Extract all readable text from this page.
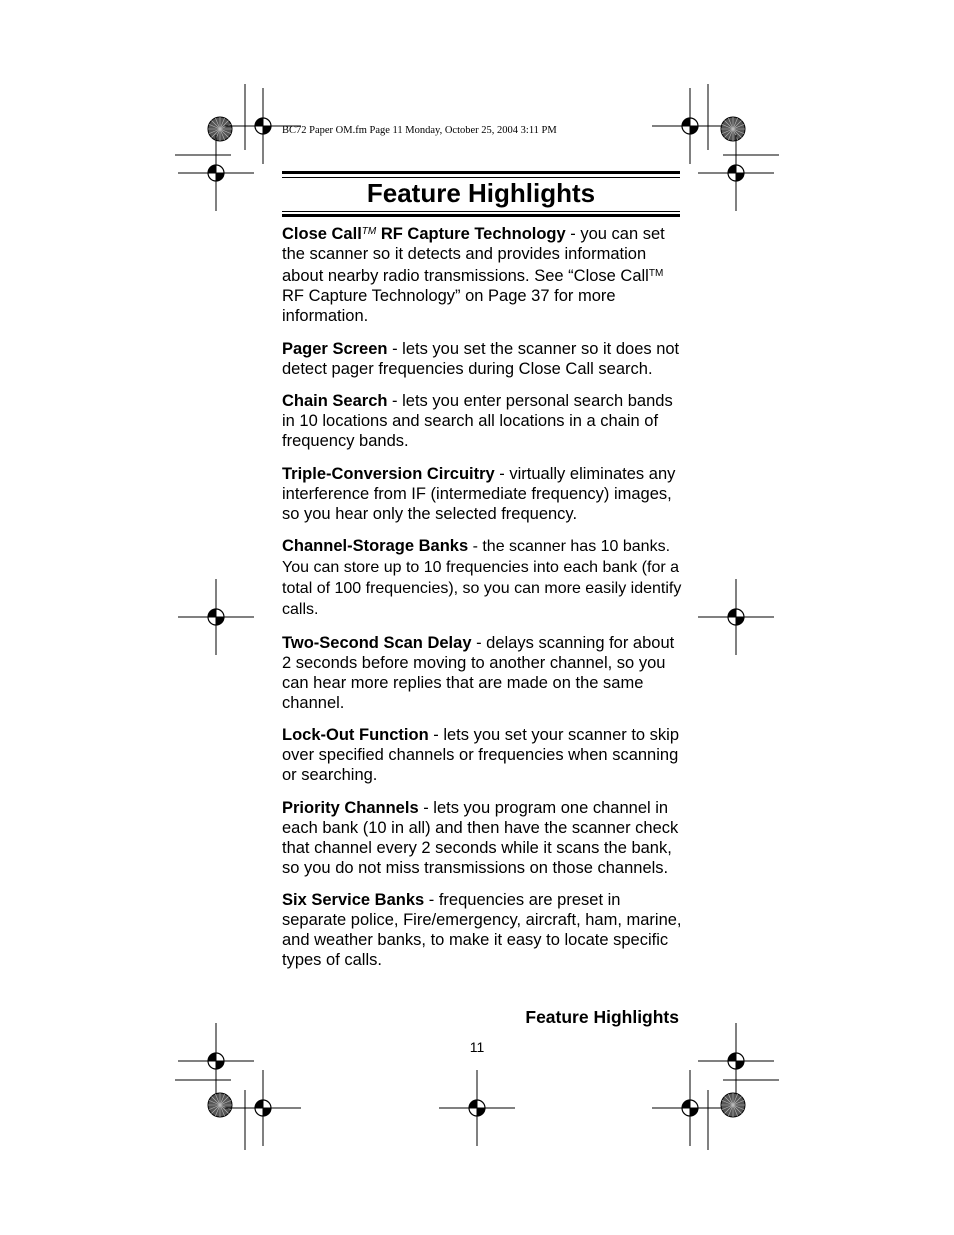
BC72 Paper OM.fm Page 11 Monday, October 25, 2004 3:11 PM
Feature Highlights

Close Call™ RF Capture Technology - you can set the scanner so it detects and provides information about nearby radio transmissions. See “Close Call™ RF Capture Technology” on Page 37 for more information.

Pager Screen - lets you set the scanner so it does not detect pager frequencies during Close Call search.

Chain Search - lets you enter personal search bands in 10 locations and search all locations in a chain of frequency bands.

Triple-Conversion Circuitry - virtually eliminates any interference from IF (intermediate frequency) images, so you hear only the selected frequency.

Channel-Storage Banks - the scanner has 10 banks. You can store up to 10 frequencies into each bank (for a total of 100 frequencies), so you can more easily identify calls.

Two-Second Scan Delay - delays scanning for about 2 seconds before moving to another channel, so you can hear more replies that are made on the same channel.

Lock-Out Function - lets you set your scanner to skip over specified channels or frequencies when scanning or searching.

Priority Channels - lets you program one channel in each bank (10 in all) and then have the scanner check that channel every 2 seconds while it scans the bank, so you do not miss transmissions on those channels.

Six Service Banks - frequencies are preset in separate police, Fire/emergency, aircraft, ham, marine, and weather banks, to make it easy to locate specific types of calls.

Feature Highlights
11
